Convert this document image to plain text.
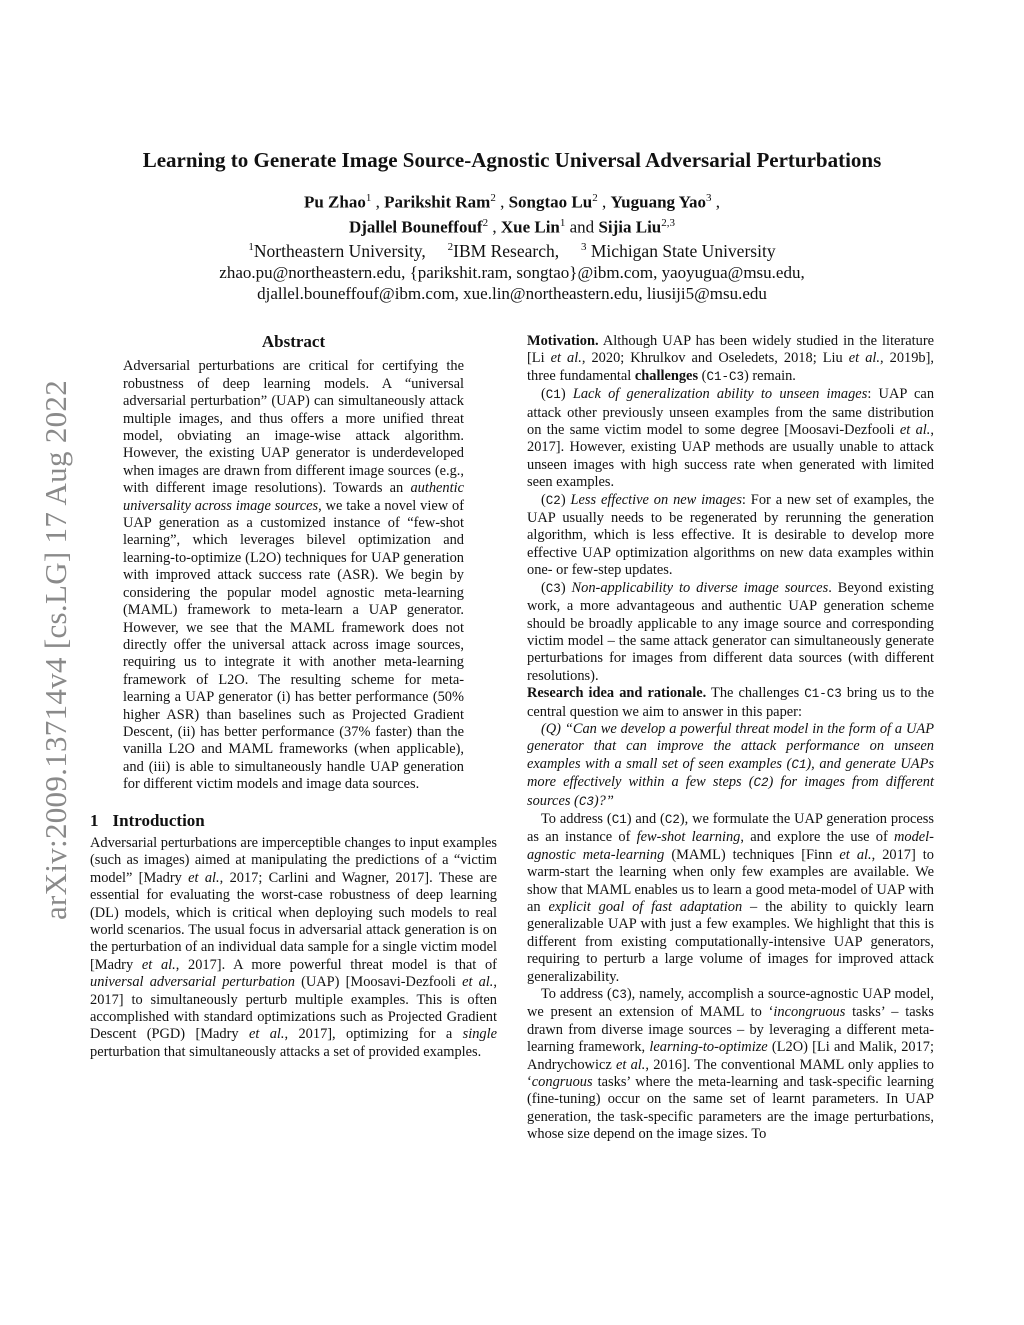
arXiv:2009.13714v4 [cs.LG] 17 Aug 2022
Learning to Generate Image Source-Agnostic Universal Adversarial Perturbations
Pu Zhao$^1$ , Parikshit Ram$^2$ , Songtao Lu$^2$ , Yuguang Yao$^3$ ,
Djallel Bouneffouf$^2$ , Xue Lin$^1$ and Sijia Liu$^{2,3}$
$^1$Northeastern University, $^2$IBM Research, $^3$ Michigan State University
zhao.pu@northeastern.edu, {parikshit.ram, songtao}@ibm.com, yaoyugua@msu.edu,
djallel.bouneffouf@ibm.com, xue.lin@northeastern.edu, liusiji5@msu.edu
Abstract

Adversarial perturbations are critical for certifying the robustness of deep learning models. A “universal adversarial perturbation” (UAP) can simultaneously attack multiple images, and thus offers a more unified threat model, obviating an image-wise attack algorithm. However, the existing UAP generator is underdeveloped when images are drawn from different image sources (e.g., with different image resolutions). Towards an authentic universality across image sources, we take a novel view of UAP generation as a customized instance of “few-shot learning”, which leverages bilevel optimization and learning-to-optimize (L2O) techniques for UAP generation with improved attack success rate (ASR). We begin by considering the popular model agnostic meta-learning (MAML) framework to meta-learn a UAP generator. However, we see that the MAML framework does not directly offer the universal attack across image sources, requiring us to integrate it with another meta-learning framework of L2O. The resulting scheme for meta-learning a UAP generator (i) has better performance (50% higher ASR) than baselines such as Projected Gradient Descent, (ii) has better performance (37% faster) than the vanilla L2O and MAML frameworks (when applicable), and (iii) is able to simultaneously handle UAP generation for different victim models and image data sources.

1 Introduction

Adversarial perturbations are imperceptible changes to input examples (such as images) aimed at manipulating the predictions of a “victim model” [Madry et al., 2017; Carlini and Wagner, 2017]. These are essential for evaluating the worst-case robustness of deep learning (DL) models, which is critical when deploying such models to real world scenarios. The usual focus in adversarial attack generation is on the perturbation of an individual data sample for a single victim model [Madry et al., 2017]. A more powerful threat model is that of universal adversarial perturbation (UAP) [Moosavi-Dezfooli et al., 2017] to simultaneously perturb multiple examples. This is often accomplished with standard optimizations such as Projected Gradient Descent (PGD) [Madry et al., 2017], optimizing for a single perturbation that simultaneously attacks a set of provided examples.

Motivation. Although UAP has been widely studied in the literature [Li et al., 2020; Khrulkov and Oseledets, 2018; Liu et al., 2019b], three fundamental challenges (C1-C3) remain.

(C1) Lack of generalization ability to unseen images: UAP can attack other previously unseen examples from the same distribution on the same victim model to some degree [Moosavi-Dezfooli et al., 2017]. However, existing UAP methods are usually unable to attack unseen images with high success rate when generated with limited seen examples.

(C2) Less effective on new images: For a new set of examples, the UAP usually needs to be regenerated by rerunning the generation algorithm, which is less effective. It is desirable to develop more effective UAP optimization algorithms on new data examples within one- or few-step updates.

(C3) Non-applicability to diverse image sources. Beyond existing work, a more advantageous and authentic UAP generation scheme should be broadly applicable to any image source and corresponding victim model – the same attack generator can simultaneously generate perturbations for images from different data sources (with different resolutions).

Research idea and rationale. The challenges C1-C3 bring us to the central question we aim to answer in this paper:

(Q) “Can we develop a powerful threat model in the form of a UAP generator that can improve the attack performance on unseen examples with a small set of seen examples (C1), and generate UAPs more effectively within a few steps (C2) for images from different sources (C3)?”

To address (C1) and (C2), we formulate the UAP generation process as an instance of few-shot learning, and explore the use of model-agnostic meta-learning (MAML) techniques [Finn et al., 2017] to warm-start the learning when only few examples are available. We show that MAML enables us to learn a good meta-model of UAP with an explicit goal of fast adaptation – the ability to quickly learn generalizable UAP with just a few examples. We highlight that this is different from existing computationally-intensive UAP generators, requiring to perturb a large volume of images for improved attack generalizability.

To address (C3), namely, accomplish a source-agnostic UAP model, we present an extension of MAML to ‘incongruous tasks’ – tasks drawn from diverse image sources – by leveraging a different meta-learning framework, learning-to-optimize (L2O) [Li and Malik, 2017; Andrychowicz et al., 2016]. The conventional MAML only applies to ‘congruous tasks’ where the meta-learning and task-specific learning (fine-tuning) occur on the same set of learnt parameters. In UAP generation, the task-specific parameters are the image perturbations, whose size depend on the image sizes. To
